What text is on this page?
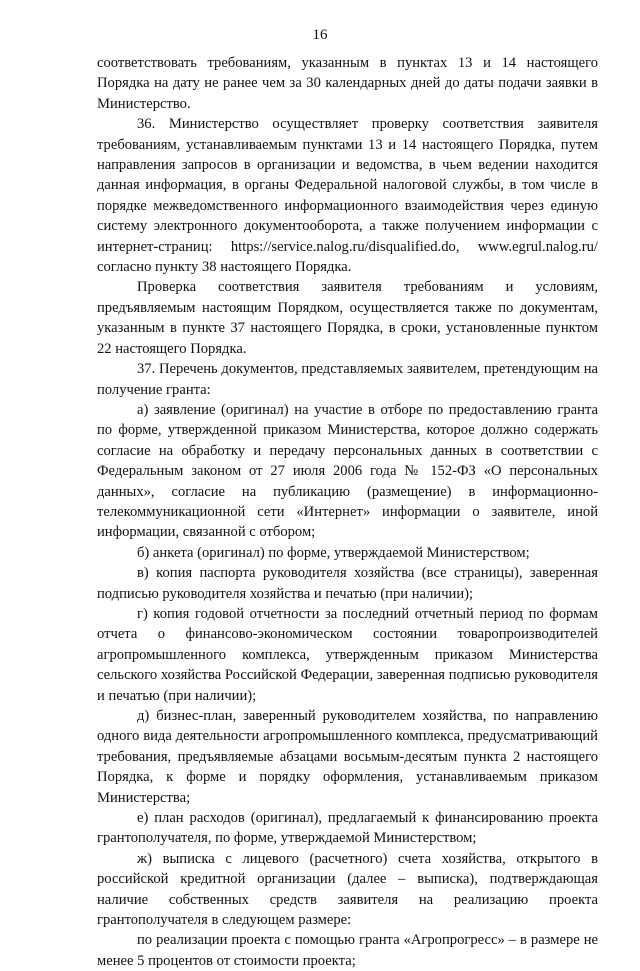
16

соответствовать требованиям, указанным в пунктах 13 и 14 настоящего Порядка на дату не ранее чем за 30 календарных дней до даты подачи заявки в Министерство.

36. Министерство осуществляет проверку соответствия заявителя требованиям, устанавливаемым пунктами 13 и 14 настоящего Порядка, путем направления запросов в организации и ведомства, в чьем ведении находится данная информация, в органы Федеральной налоговой службы, в том числе в порядке межведомственного информационного взаимодействия через единую систему электронного документооборота, а также получением информации с интернет-страниц: https://service.nalog.ru/disqualified.do, www.egrul.nalog.ru/ согласно пункту 38 настоящего Порядка.

Проверка соответствия заявителя требованиям и условиям, предъявляемым настоящим Порядком, осуществляется также по документам, указанным в пункте 37 настоящего Порядка, в сроки, установленные пунктом 22 настоящего Порядка.

37. Перечень документов, представляемых заявителем, претендующим на получение гранта:

а) заявление (оригинал) на участие в отборе по предоставлению гранта по форме, утвержденной приказом Министерства, которое должно содержать согласие на обработку и передачу персональных данных в соответствии с Федеральным законом от 27 июля 2006 года № 152-ФЗ «О персональных данных», согласие на публикацию (размещение) в информационно-телекоммуникационной сети «Интернет» информации о заявителе, иной информации, связанной с отбором;

б) анкета (оригинал) по форме, утверждаемой Министерством;

в) копия паспорта руководителя хозяйства (все страницы), заверенная подписью руководителя хозяйства и печатью (при наличии);

г) копия годовой отчетности за последний отчетный период по формам отчета о финансово-экономическом состоянии товаропроизводителей агропромышленного комплекса, утвержденным приказом Министерства сельского хозяйства Российской Федерации, заверенная подписью руководителя и печатью (при наличии);

д) бизнес-план, заверенный руководителем хозяйства, по направлению одного вида деятельности агропромышленного комплекса, предусматривающий требования, предъявляемые абзацами восьмым-десятым пункта 2 настоящего Порядка, к форме и порядку оформления, устанавливаемым приказом Министерства;

е) план расходов (оригинал), предлагаемый к финансированию проекта грантополучателя, по форме, утверждаемой Министерством;

ж) выписка с лицевого (расчетного) счета хозяйства, открытого в российской кредитной организации (далее – выписка), подтверждающая наличие собственных средств заявителя на реализацию проекта грантополучателя в следующем размере:

по реализации проекта с помощью гранта «Агропрогресс» – в размере не менее 5 процентов от стоимости проекта;
